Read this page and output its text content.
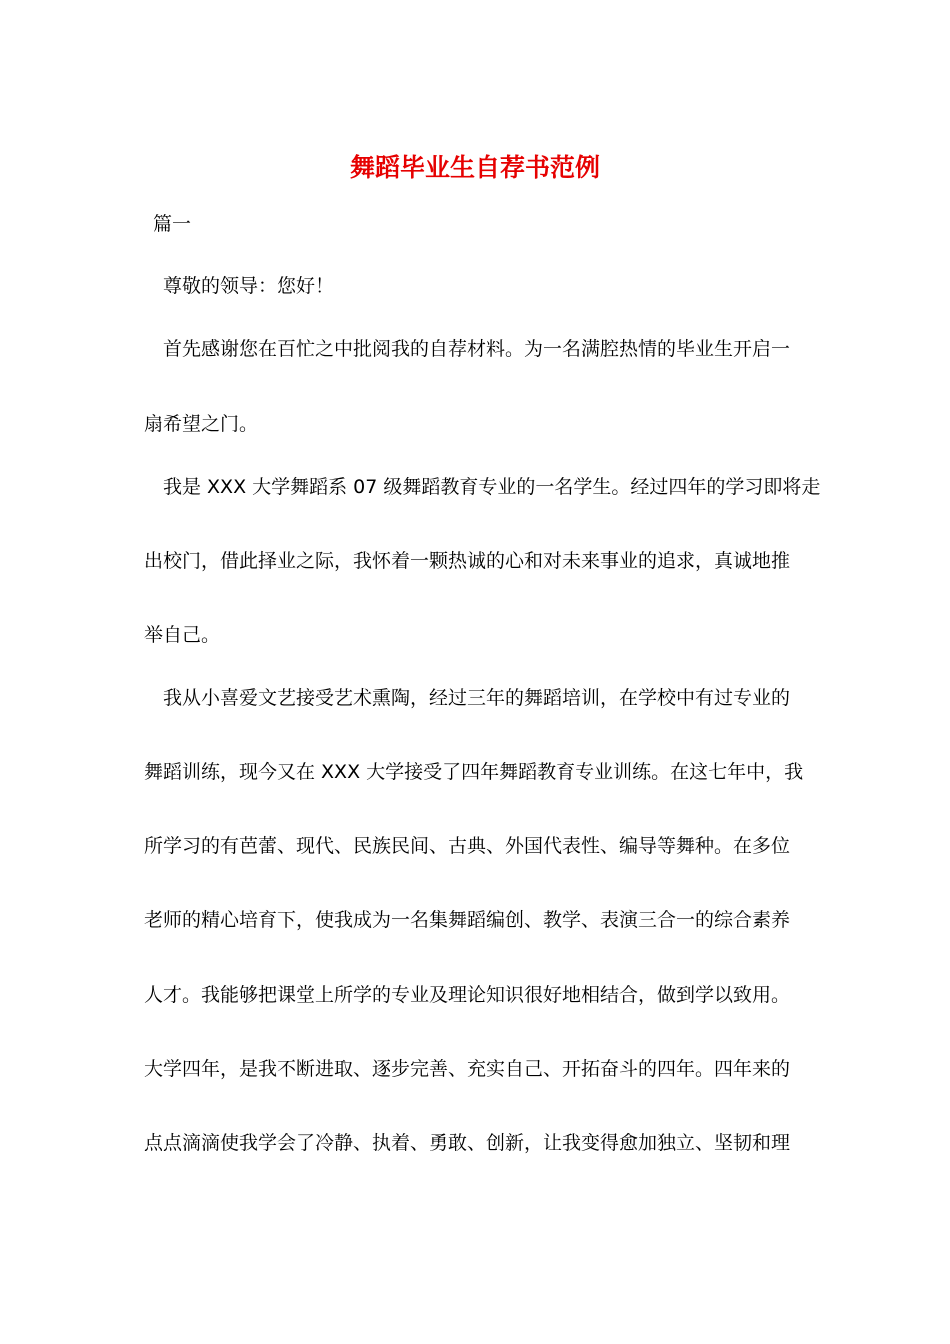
舞蹈毕业生自荐书范例
篇一
尊敬的领导：您好！
首先感谢您在百忙之中批阅我的自荐材料。为一名满腔热情的毕业生开启一
扇希望之门。
我是 XXX 大学舞蹈系 07 级舞蹈教育专业的一名学生。经过四年的学习即将走
出校门，借此择业之际，我怀着一颗热诚的心和对未来事业的追求，真诚地推
举自己。
我从小喜爱文艺接受艺术熏陶，经过三年的舞蹈培训，在学校中有过专业的
舞蹈训练，现今又在 XXX 大学接受了四年舞蹈教育专业训练。在这七年中，我
所学习的有芭蕾、现代、民族民间、古典、外国代表性、编导等舞种。在多位
老师的精心培育下，使我成为一名集舞蹈编创、教学、表演三合一的综合素养
人才。我能够把课堂上所学的专业及理论知识很好地相结合，做到学以致用。
大学四年，是我不断进取、逐步完善、充实自己、开拓奋斗的四年。四年来的
点点滴滴使我学会了冷静、执着、勇敢、创新，让我变得愈加独立、坚韧和理
